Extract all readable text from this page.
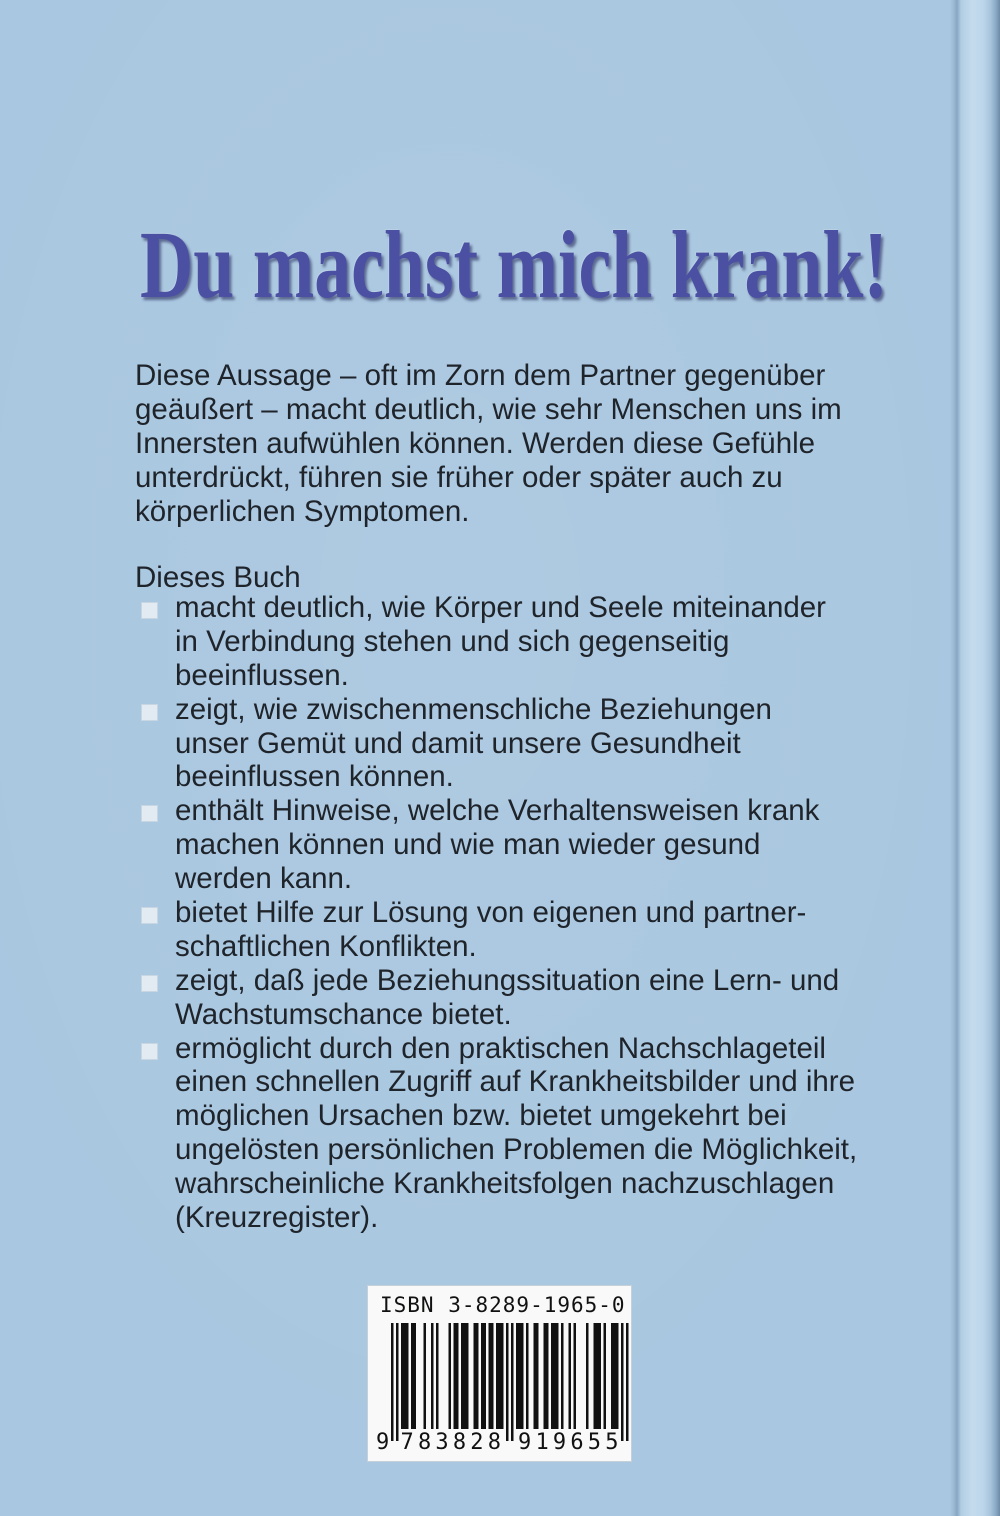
Du machst mich krank!
Diese Aussage – oft im Zorn dem Partner gegenüber
geäußert – macht deutlich, wie sehr Menschen uns im
Innersten aufwühlen können. Werden diese Gefühle
unterdrückt, führen sie früher oder später auch zu
körperlichen Symptomen.
Dieses Buch
macht deutlich, wie Körper und Seele miteinander
in Verbindung stehen und sich gegenseitig
beeinflussen.
zeigt, wie zwischenmenschliche Beziehungen
unser Gemüt und damit unsere Gesundheit
beeinflussen können.
enthält Hinweise, welche Verhaltensweisen krank
machen können und wie man wieder gesund
werden kann.
bietet Hilfe zur Lösung von eigenen und partner-
schaftlichen Konflikten.
zeigt, daß jede Beziehungssituation eine Lern- und
Wachstumschance bietet.
ermöglicht durch den praktischen Nachschlageteil
einen schnellen Zugriff auf Krankheitsbilder und ihre
möglichen Ursachen bzw. bietet umgekehrt bei
ungelösten persönlichen Problemen die Möglichkeit,
wahrscheinliche Krankheitsfolgen nachzuschlagen
(Kreuzregister).
ISBN 3-8289-1965-0
9 783828 919655
